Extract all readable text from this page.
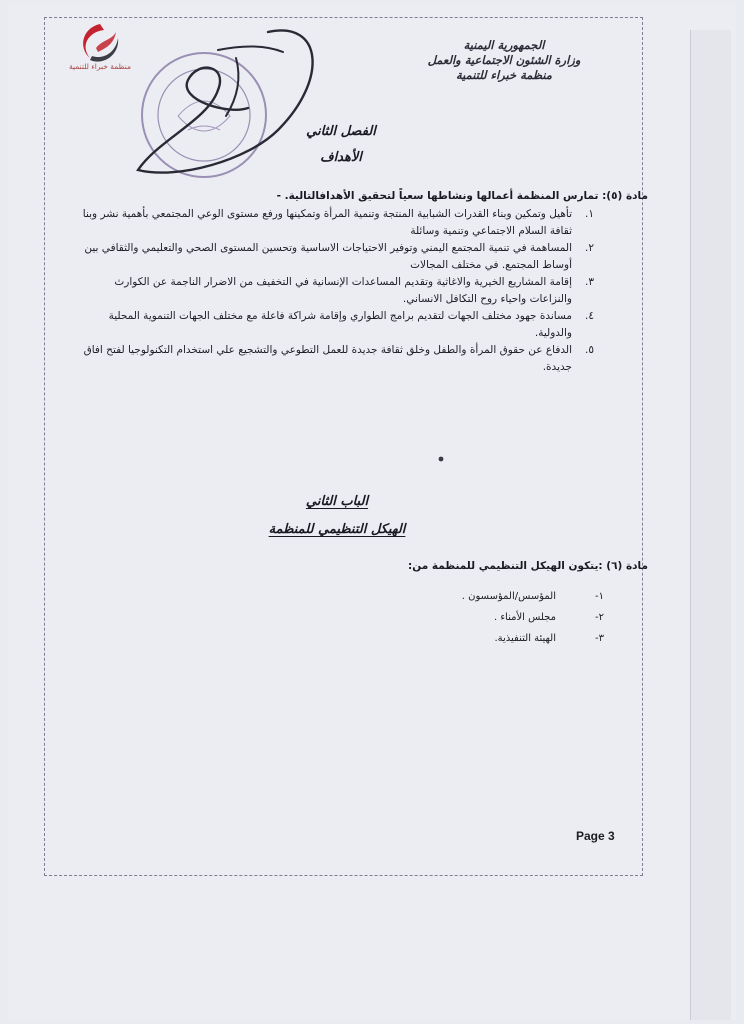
منظمة خبراء للتنمية
الجمهورية اليمنية
وزارة الشئون الاجتماعية والعمل
منظمة خبراء للتنمية
الفصل الثاني
الأهداف
مادة (٥): تمارس المنظمة أعمالها ونشاطها سعياً لتحقيق الأهدافالتالية. -
١.
تأهيل وتمكين وبناء القدرات الشبابية المنتجة وتنمية المرأة وتمكينها ورفع مستوى الوعي المجتمعي بأهمية نشر وبنا ثقافة السلام الاجتماعي وتنمية وسائلة
٢.
المساهمة في تنمية المجتمع اليمني وتوفير الاحتياجات الاساسية وتحسين المستوى الصحي والتعليمي والثقافي بين أوساط المجتمع. في مختلف المجالات
٣.
إقامة المشاريع الخيرية والاغاثية وتقديم المساعدات الإنسانية في التخفيف من الاضرار الناجمة عن الكوارث والنزاعات واحياء روح التكافل الانساني.
٤.
مساندة جهود مختلف الجهات لتقديم برامج الطواري وإقامة شراكة فاعلة مع مختلف الجهات التنموية المحلية والدولية.
٥.
الدفاع عن حقوق المرأة والطفل وخلق ثقافة جديدة للعمل التطوعي والتشجيع علي استخدام التكنولوجيا لفتح افاق جديدة.
الباب الثاني
الهيكل التنظيمي للمنظمة
مادة (٦) :يتكون الهيكل التنظيمي للمنظمة من:
١-
المؤسس/المؤسسون .
٢-
مجلس الأمناء .
٣-
الهيئة التنفيذية.
Page 3
